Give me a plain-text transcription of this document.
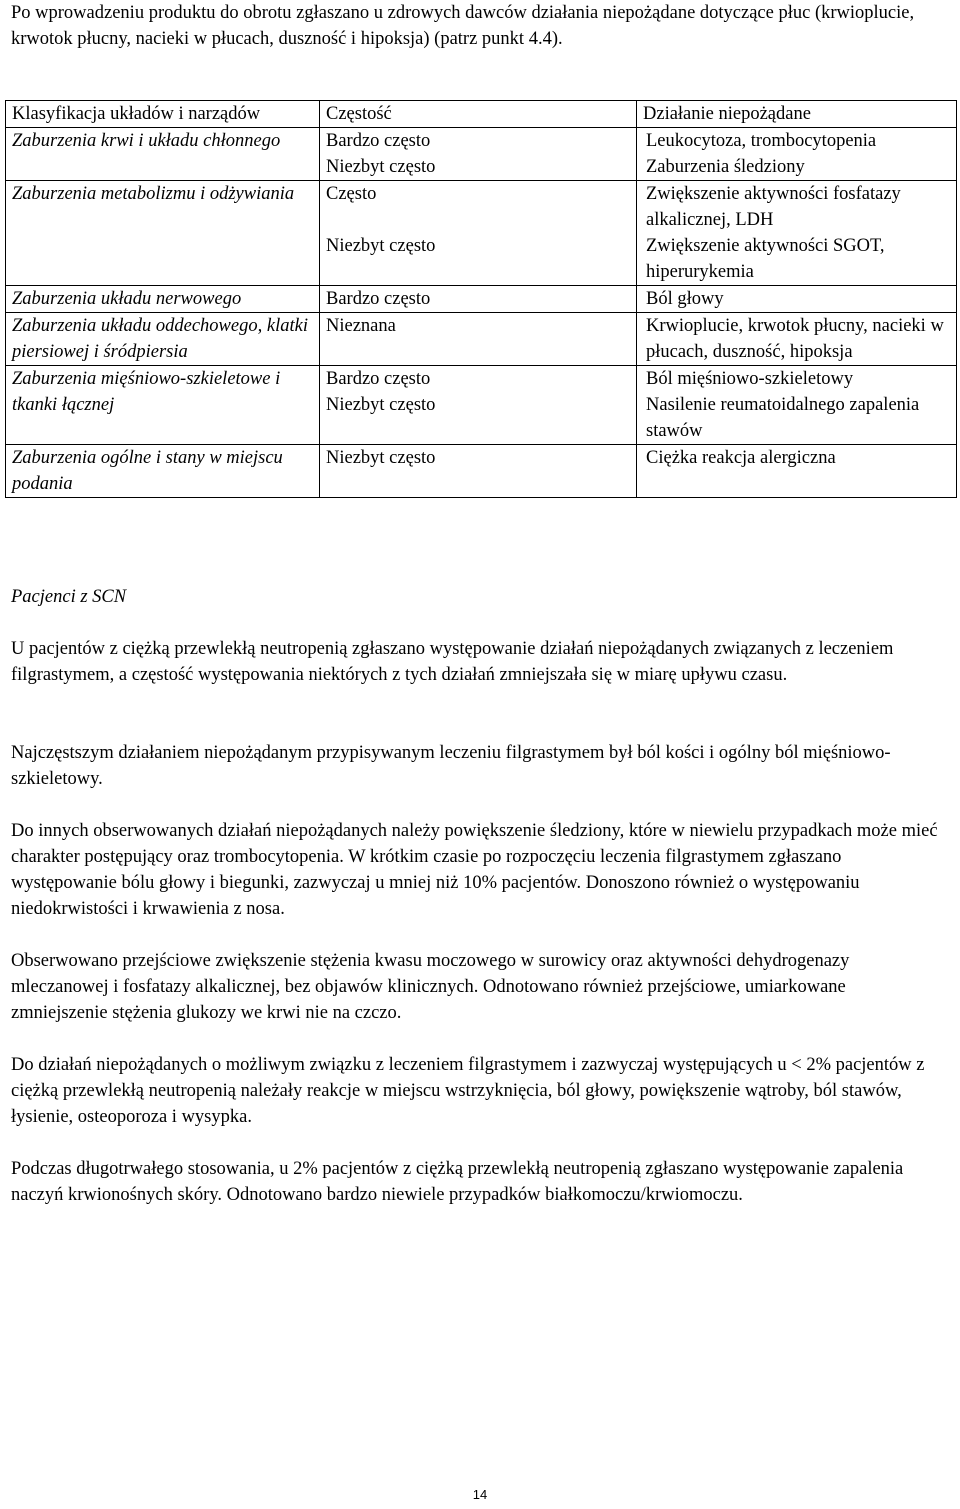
Po wprowadzeniu produktu do obrotu zgłaszano u zdrowych dawców działania niepożądane dotyczące płuc (krwioplucie, krwotok płucny, nacieki w płucach, duszność i hipoksja) (patrz punkt 4.4).

Klasyfikacja układów i narządów	Częstość	Działanie niepożądane
Zaburzenia krwi i układu chłonnego	Bardzo często	Leukocytoza, trombocytopenia
	Niezbyt często	Zaburzenia śledziony
Zaburzenia metabolizmu i odżywiania	Często	Zwiększenie aktywności fosfatazy alkalicznej, LDH
	Niezbyt często	Zwiększenie aktywności SGOT, hiperurykemia
Zaburzenia układu nerwowego	Bardzo często	Ból głowy
Zaburzenia układu oddechowego, klatki piersiowej i śródpiersia	Nieznana	Krwioplucie, krwotok płucny, nacieki w płucach, duszność, hipoksja
Zaburzenia mięśniowo-szkieletowe i tkanki łącznej	Bardzo często	Ból mięśniowo-szkieletowy
	Niezbyt często	Nasilenie reumatoidalnego zapalenia stawów
Zaburzenia ogólne i stany w miejscu podania	Niezbyt często	Ciężka reakcja alergiczna

Pacjenci z SCN

U pacjentów z ciężką przewlekłą neutropenią zgłaszano występowanie działań niepożądanych związanych z leczeniem filgrastymem, a częstość występowania niektórych z tych działań zmniejszała się w miarę upływu czasu.

Najczęstszym działaniem niepożądanym przypisywanym leczeniu filgrastymem był ból kości i ogólny ból mięśniowo-szkieletowy.

Do innych obserwowanych działań niepożądanych należy powiększenie śledziony, które w niewielu przypadkach może mieć charakter postępujący oraz trombocytopenia. W krótkim czasie po rozpoczęciu leczenia filgrastymem zgłaszano występowanie bólu głowy i biegunki, zazwyczaj u mniej niż 10% pacjentów. Donoszono również o występowaniu niedokrwistości i krwawienia z nosa.

Obserwowano przejściowe zwiększenie stężenia kwasu moczowego w surowicy oraz aktywności dehydrogenazy mleczanowej i fosfatazy alkalicznej, bez objawów klinicznych. Odnotowano również przejściowe, umiarkowane zmniejszenie stężenia glukozy we krwi nie na czczo.

Do działań niepożądanych o możliwym związku z leczeniem filgrastymem i zazwyczaj występujących u < 2% pacjentów z ciężką przewlekłą neutropenią należały reakcje w miejscu wstrzyknięcia, ból głowy, powiększenie wątroby, ból stawów, łysienie, osteoporoza i wysypka.

Podczas długotrwałego stosowania, u 2% pacjentów z ciężką przewlekłą neutropenią zgłaszano występowanie zapalenia naczyń krwionośnych skóry. Odnotowano bardzo niewiele przypadków białkomoczu/krwiomoczu.

14
